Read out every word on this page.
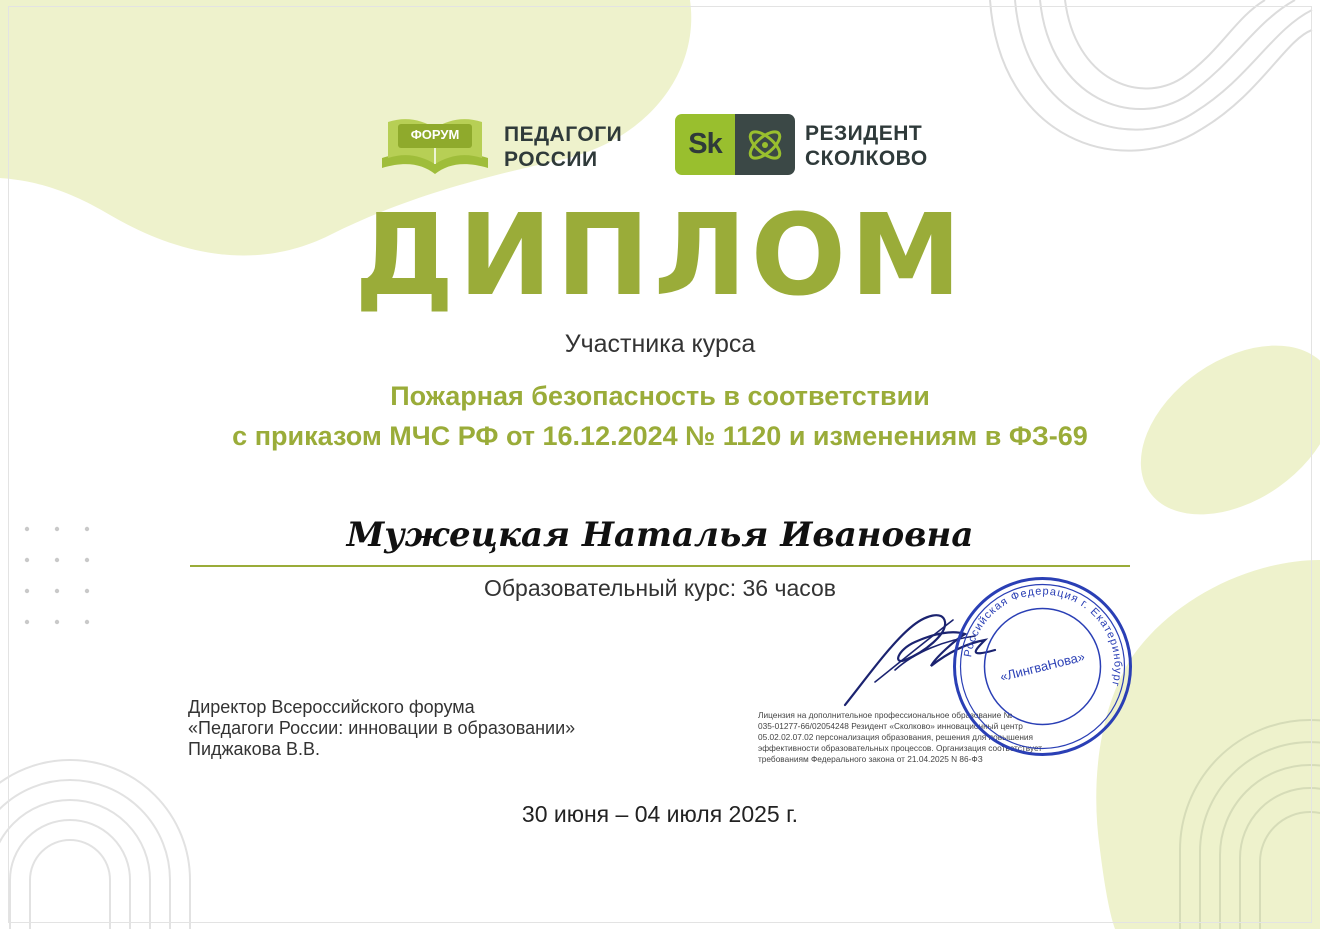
ФОРУМ	ПЕДАГОГИ
РОССИИ	Sk	РЕЗИДЕНТ
СКОЛКОВО
ДИПЛОМ
Участника курса
Пожарная безопасность в соответствии
с приказом МЧС РФ от 16.12.2024 № 1120 и изменениям в ФЗ-69
Мужецкая Наталья Ивановна
Образовательный курс: 36 часов
Директор Всероссийского форума
«Педагоги России: инновации в образовании»
Пиджакова В.В.
Лицензия на дополнительное профессиональное образование №
035-01277-66/02054248 Резидент «Сколково» инновационный центр
05.02.02.07.02 персонализация образования, решения для повышения
эффективности образовательных процессов. Организация соответствует
требованиям Федерального закона от 21.04.2025 N 86-ФЗ
Российская Федерация г. Екатеринбург
«ЛингваНова»
30 июня – 04 июля 2025 г.
